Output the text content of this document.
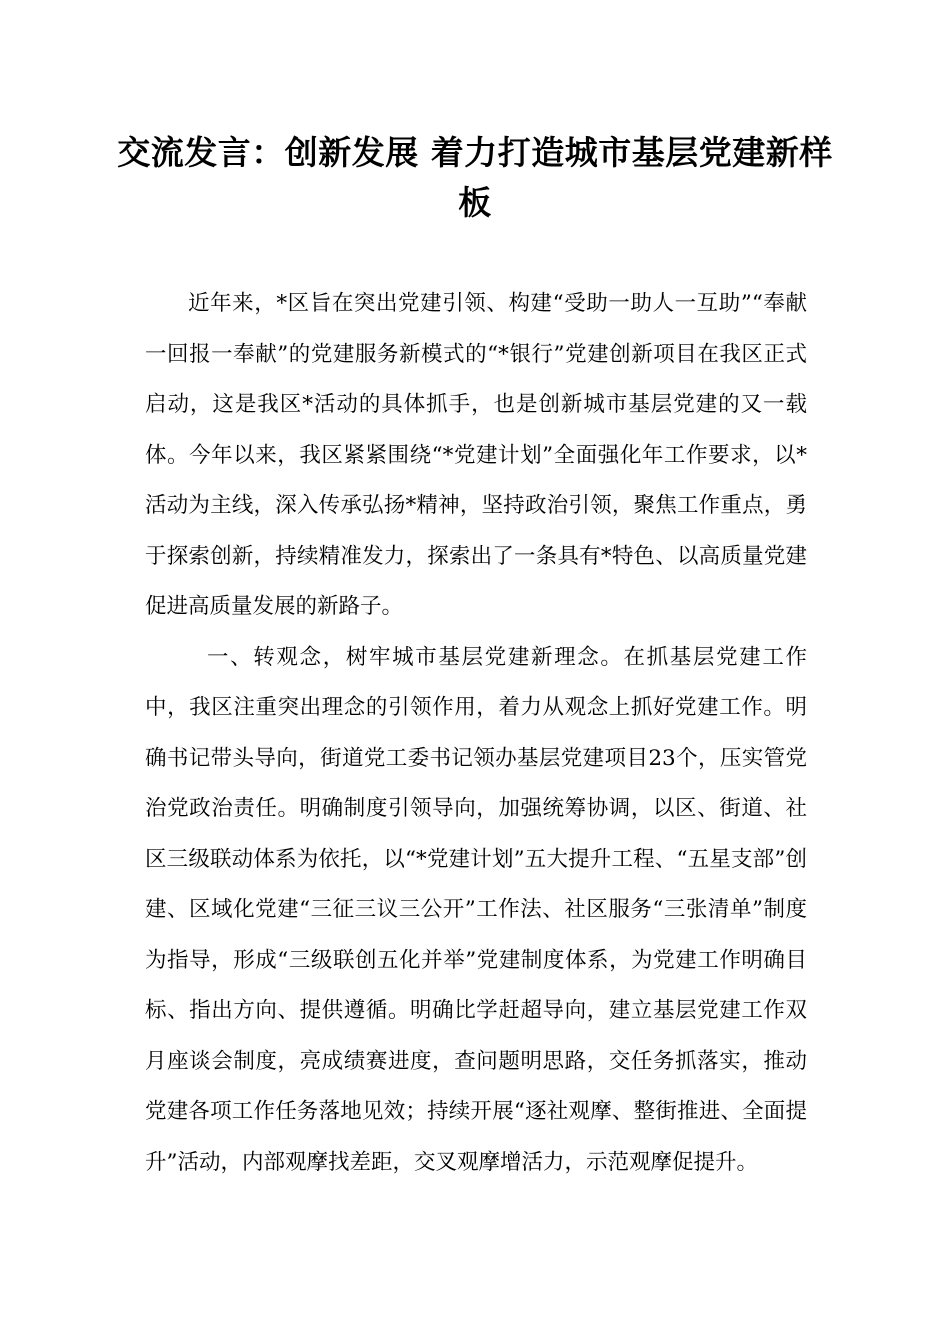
交流发言：创新发展 着力打造城市基层党建新样板

近年来，*区旨在突出党建引领、构建“受助一助人一互助”“奉献一回报一奉献”的党建服务新模式的“*银行”党建创新项目在我区正式启动，这是我区*活动的具体抓手，也是创新城市基层党建的又一载体。今年以来，我区紧紧围绕“*党建计划”全面强化年工作要求，以*活动为主线，深入传承弘扬*精神，坚持政治引领，聚焦工作重点，勇于探索创新，持续精准发力，探索出了一条具有*特色、以高质量党建促进高质量发展的新路子。

一、转观念，树牢城市基层党建新理念。在抓基层党建工作中，我区注重突出理念的引领作用，着力从观念上抓好党建工作。明确书记带头导向，街道党工委书记领办基层党建项目23个，压实管党治党政治责任。明确制度引领导向，加强统筹协调，以区、街道、社区三级联动体系为依托，以“*党建计划”五大提升工程、“五星支部”创建、区域化党建“三征三议三公开”工作法、社区服务“三张清单”制度为指导，形成“三级联创五化并举”党建制度体系，为党建工作明确目标、指出方向、提供遵循。明确比学赶超导向，建立基层党建工作双月座谈会制度，亮成绩赛进度，查问题明思路，交任务抓落实，推动党建各项工作任务落地见效；持续开展“逐社观摩、整街推进、全面提升”活动，内部观摩找差距，交叉观摩增活力，示范观摩促提升。
